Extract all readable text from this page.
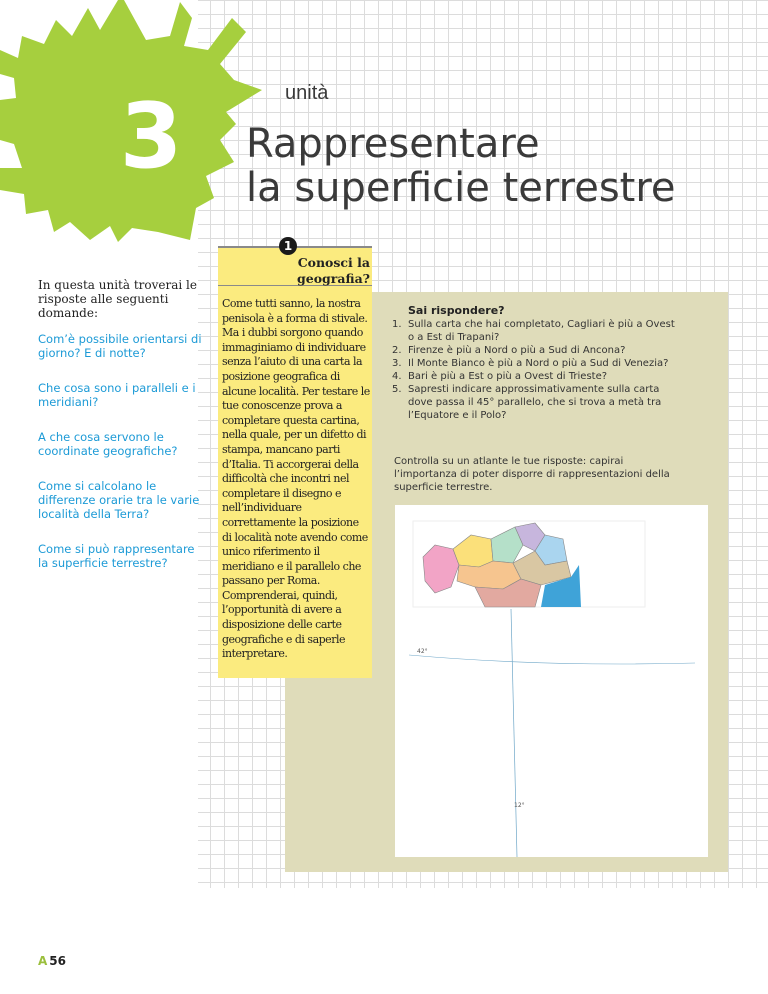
3	unità
Rappresentare
la superficie terrestre
In questa unità troverai le risposte alle seguenti domande:

Com’è possibile orientarsi di giorno? E di notte?

Che cosa sono i paralleli e i meridiani?

A che cosa servono le coordinate geografiche?

Come si calcolano le differenze orarie tra le varie località della Terra?

Come si può rappresentare la superficie terrestre?

Sai rispondere?
1. Sulla carta che hai completato, Cagliari è più a Ovest o a Est di Trapani?
2. Firenze è più a Nord o più a Sud di Ancona?
3. Il Monte Bianco è più a Nord o più a Sud di Venezia?
4. Bari è più a Est o più a Ovest di Trieste?
5. Sapresti indicare approssimativamente sulla carta dove passa il 45° parallelo, che si trova a metà tra l’Equatore e il Polo?
Controlla su un atlante le tue risposte: capirai l’importanza di poter disporre di rappresentazioni della superficie terrestre.
42°
12°
1
Conosci la geografia?
Come tutti sanno, la nostra penisola è a forma di stivale. Ma i dubbi sorgono quando immaginiamo di individuare senza l’aiuto di una carta la posizione geografica di alcune località. Per testare le tue conoscenze prova a completare questa cartina, nella quale, per un difetto di stampa, mancano parti d’Italia. Ti accorgerai della difficoltà che incontri nel completare il disegno e nell’individuare correttamente la posizione di località note avendo come unico riferimento il meridiano e il parallelo che passano per Roma. Comprenderai, quindi, l’opportunità di avere a disposizione delle carte geografiche e di saperle interpretare.
A 56
